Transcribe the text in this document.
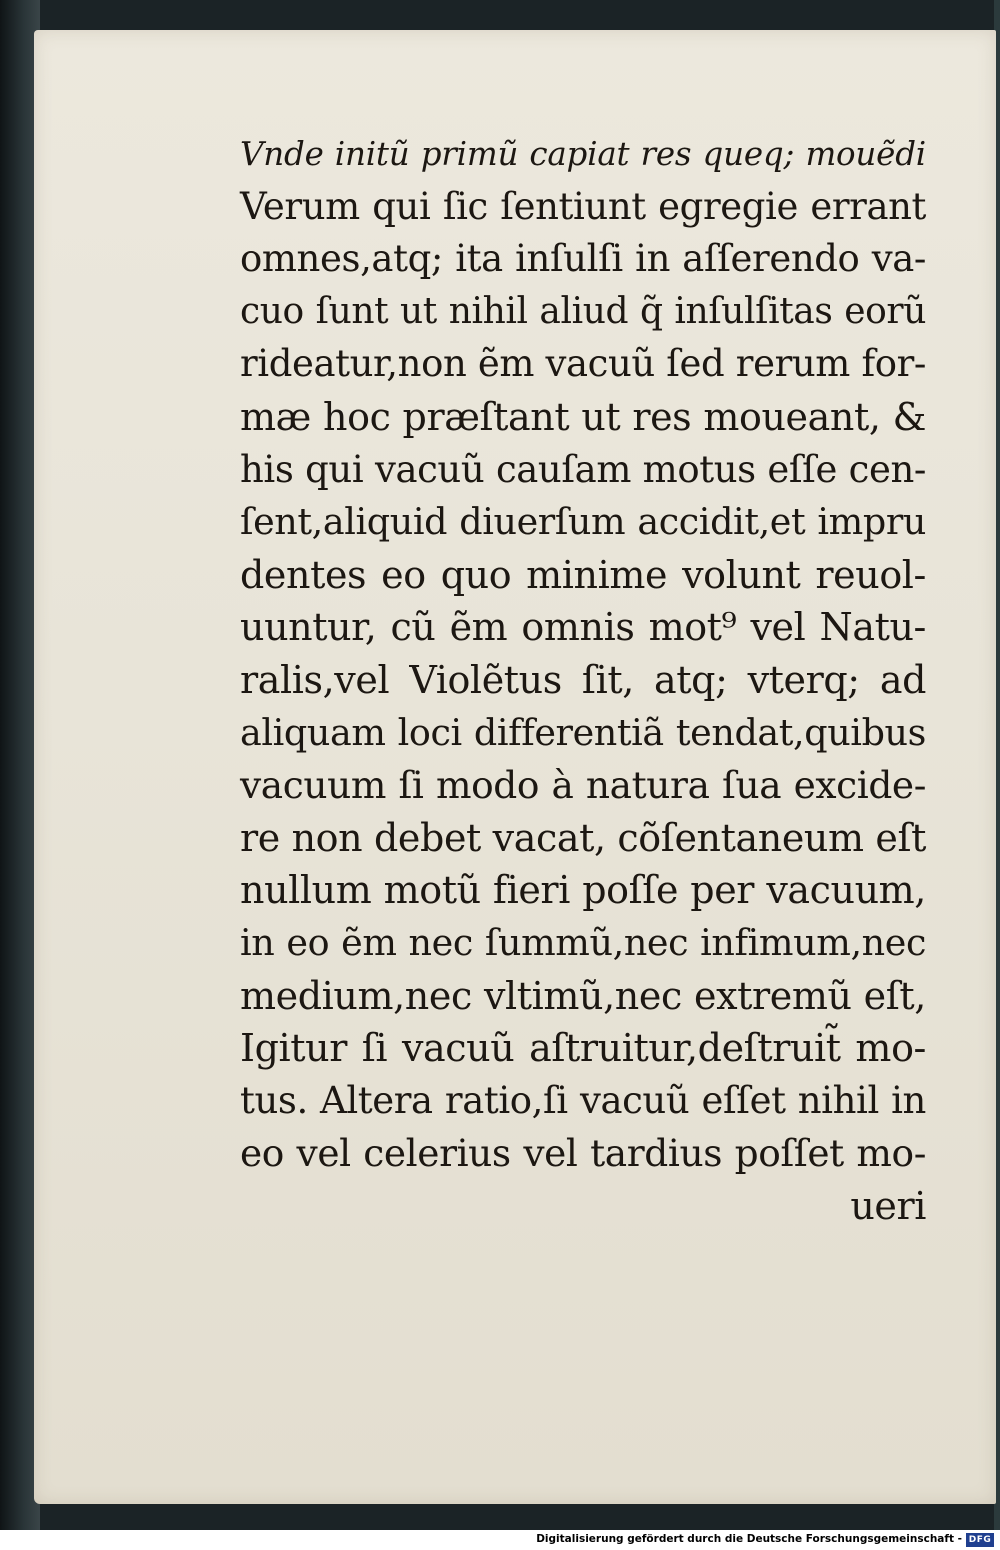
Vnde initũ primũ capiat res queq; mouẽdi
Verum qui ſic ſentiunt egregie errant
omnes,atq; ita inſulſi in aſſerendo va-
cuo ſunt ut nihil aliud q̃ inſulſitas eorũ
rideatur,non ẽm vacuũ ſed rerum for-
mæ hoc præſtant ut res moueant, &
his qui vacuũ cauſam motus eſſe cen-
ſent,aliquid diuerſum accidit,et impru
dentes eo quo minime volunt reuol-
uuntur, cũ ẽm omnis mot⁹ vel Natu-
ralis,vel Violẽtus ſit, atq; vterq; ad
aliquam loci differentiã tendat,quibus
vacuum ſi modo à natura ſua excide-
re non debet vacat, cõſentaneum eſt
nullum motũ fieri poſſe per vacuum,
in eo ẽm nec ſummũ,nec infimum,nec
medium,nec vltimũ,nec extremũ eſt,
Igitur ſi vacuũ aſtruitur,deſtruit̃ mo-
tus. Altera ratio,ſi vacuũ eſſet nihil in
eo vel celerius vel tardius poſſet mo-
ueri
Digitalisierung gefördert durch die Deutsche Forschungsgemeinschaft - DFG
